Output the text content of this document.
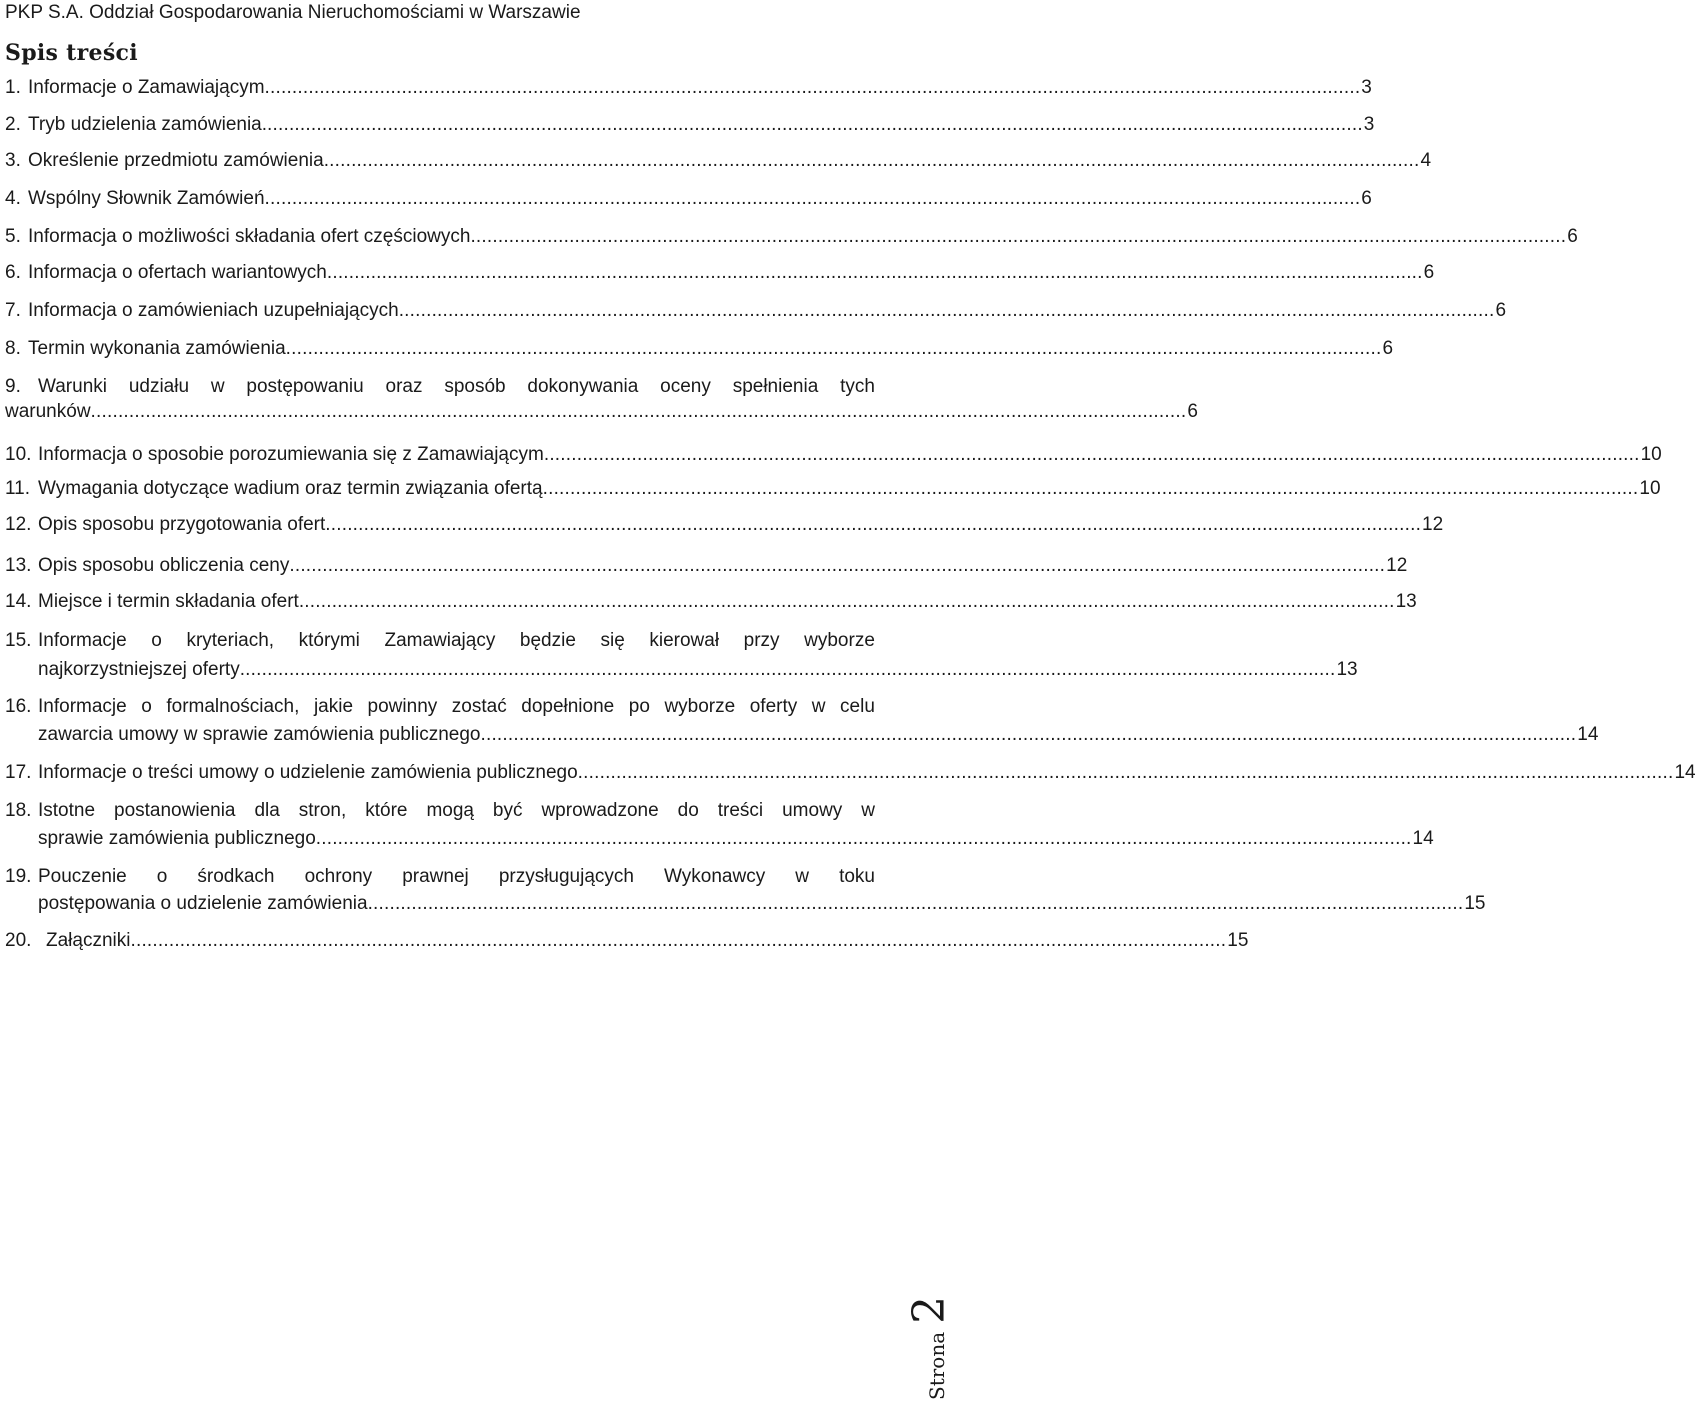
PKP S.A. Oddział Gospodarowania Nieruchomościami w Warszawie
Spis treści
1. Informacje o Zamawiającym ........................................................................................................................................................................................................ 3
2. Tryb udzielenia zamówienia. ........................................................................................................................................................................................................ 3
3. Określenie przedmiotu zamówienia ........................................................................................................................................................................................................ 4
4. Wspólny Słownik Zamówień ........................................................................................................................................................................................................ 6
5. Informacja o możliwości składania ofert częściowych ........................................................................................................................................................................................................ 6
6. Informacja o ofertach wariantowych ........................................................................................................................................................................................................ 6
7. Informacja o zamówieniach uzupełniających ........................................................................................................................................................................................................ 6
8. Termin wykonania zamówienia ........................................................................................................................................................................................................ 6
9. Warunki udziału w postępowaniu oraz sposób dokonywania oceny spełnienia tych
warunków ........................................................................................................................................................................................................ 6
10. Informacja o sposobie porozumiewania się z Zamawiającym ........................................................................................................................................................................................................ 10
11. Wymagania dotyczące wadium oraz termin związania ofertą ........................................................................................................................................................................................................ 10
12. Opis sposobu przygotowania ofert ........................................................................................................................................................................................................ 12
13. Opis sposobu obliczenia ceny ........................................................................................................................................................................................................ 12
14. Miejsce i termin składania ofert ........................................................................................................................................................................................................ 13
15. Informacje o kryteriach, którymi Zamawiający będzie się kierował przy wyborze
najkorzystniejszej oferty ........................................................................................................................................................................................................ 13
16. Informacje o formalnościach, jakie powinny zostać dopełnione po wyborze oferty w celu
zawarcia umowy w sprawie zamówienia publicznego ........................................................................................................................................................................................................ 14
17. Informacje o treści umowy o udzielenie zamówienia publicznego ........................................................................................................................................................................................................ 14
18. Istotne postanowienia dla stron, które mogą być wprowadzone do treści umowy w
sprawie zamówienia publicznego ........................................................................................................................................................................................................ 14
19. Pouczenie o środkach ochrony prawnej przysługujących Wykonawcy w toku
postępowania o udzielenie zamówienia ........................................................................................................................................................................................................ 15
20. Załączniki ........................................................................................................................................................................................................ 15
Strona
2
